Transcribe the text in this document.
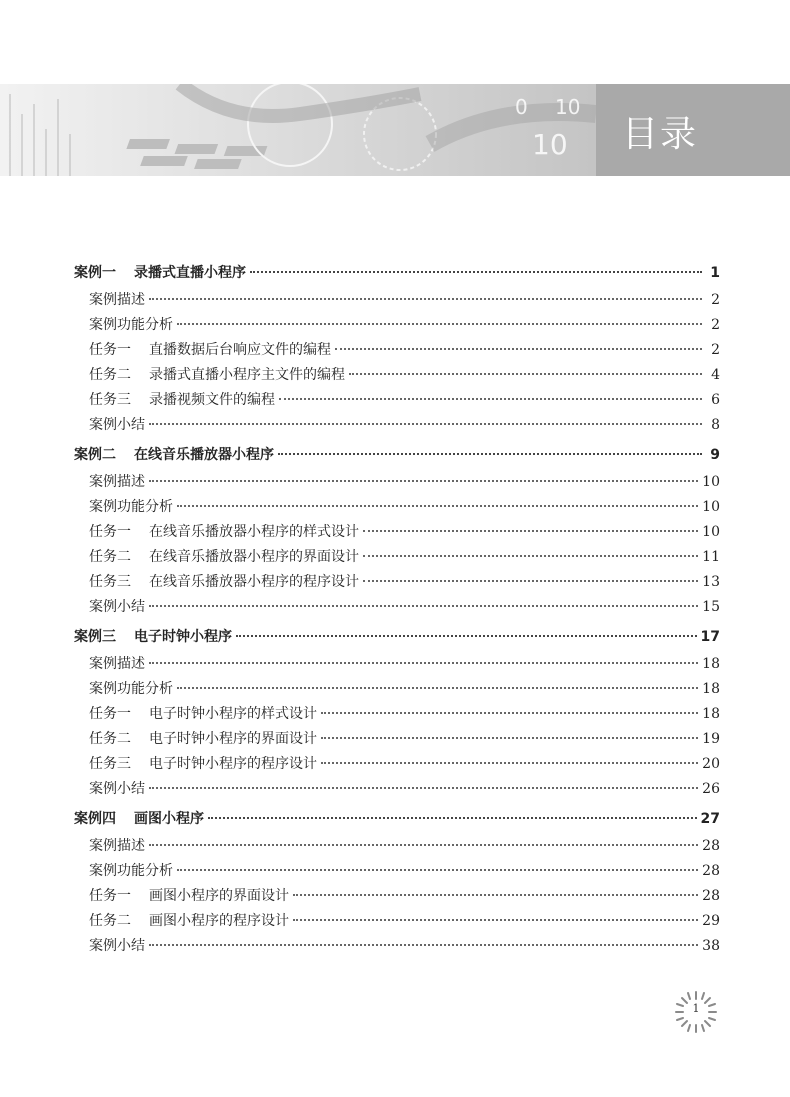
0 10
10 目录
案例一 录播式直播小程序	1
案例描述	2
案例功能分析	2
任务一 直播数据后台响应文件的编程	2
任务二 录播式直播小程序主文件的编程	4
任务三 录播视频文件的编程	6
案例小结	8
案例二 在线音乐播放器小程序	9
案例描述	10
案例功能分析	10
任务一 在线音乐播放器小程序的样式设计	10
任务二 在线音乐播放器小程序的界面设计	11
任务三 在线音乐播放器小程序的程序设计	13
案例小结	15
案例三 电子时钟小程序	17
案例描述	18
案例功能分析	18
任务一 电子时钟小程序的样式设计	18
任务二 电子时钟小程序的界面设计	19
任务三 电子时钟小程序的程序设计	20
案例小结	26
案例四 画图小程序	27
案例描述	28
案例功能分析	28
任务一 画图小程序的界面设计	28
任务二 画图小程序的程序设计	29
案例小结	38
1
